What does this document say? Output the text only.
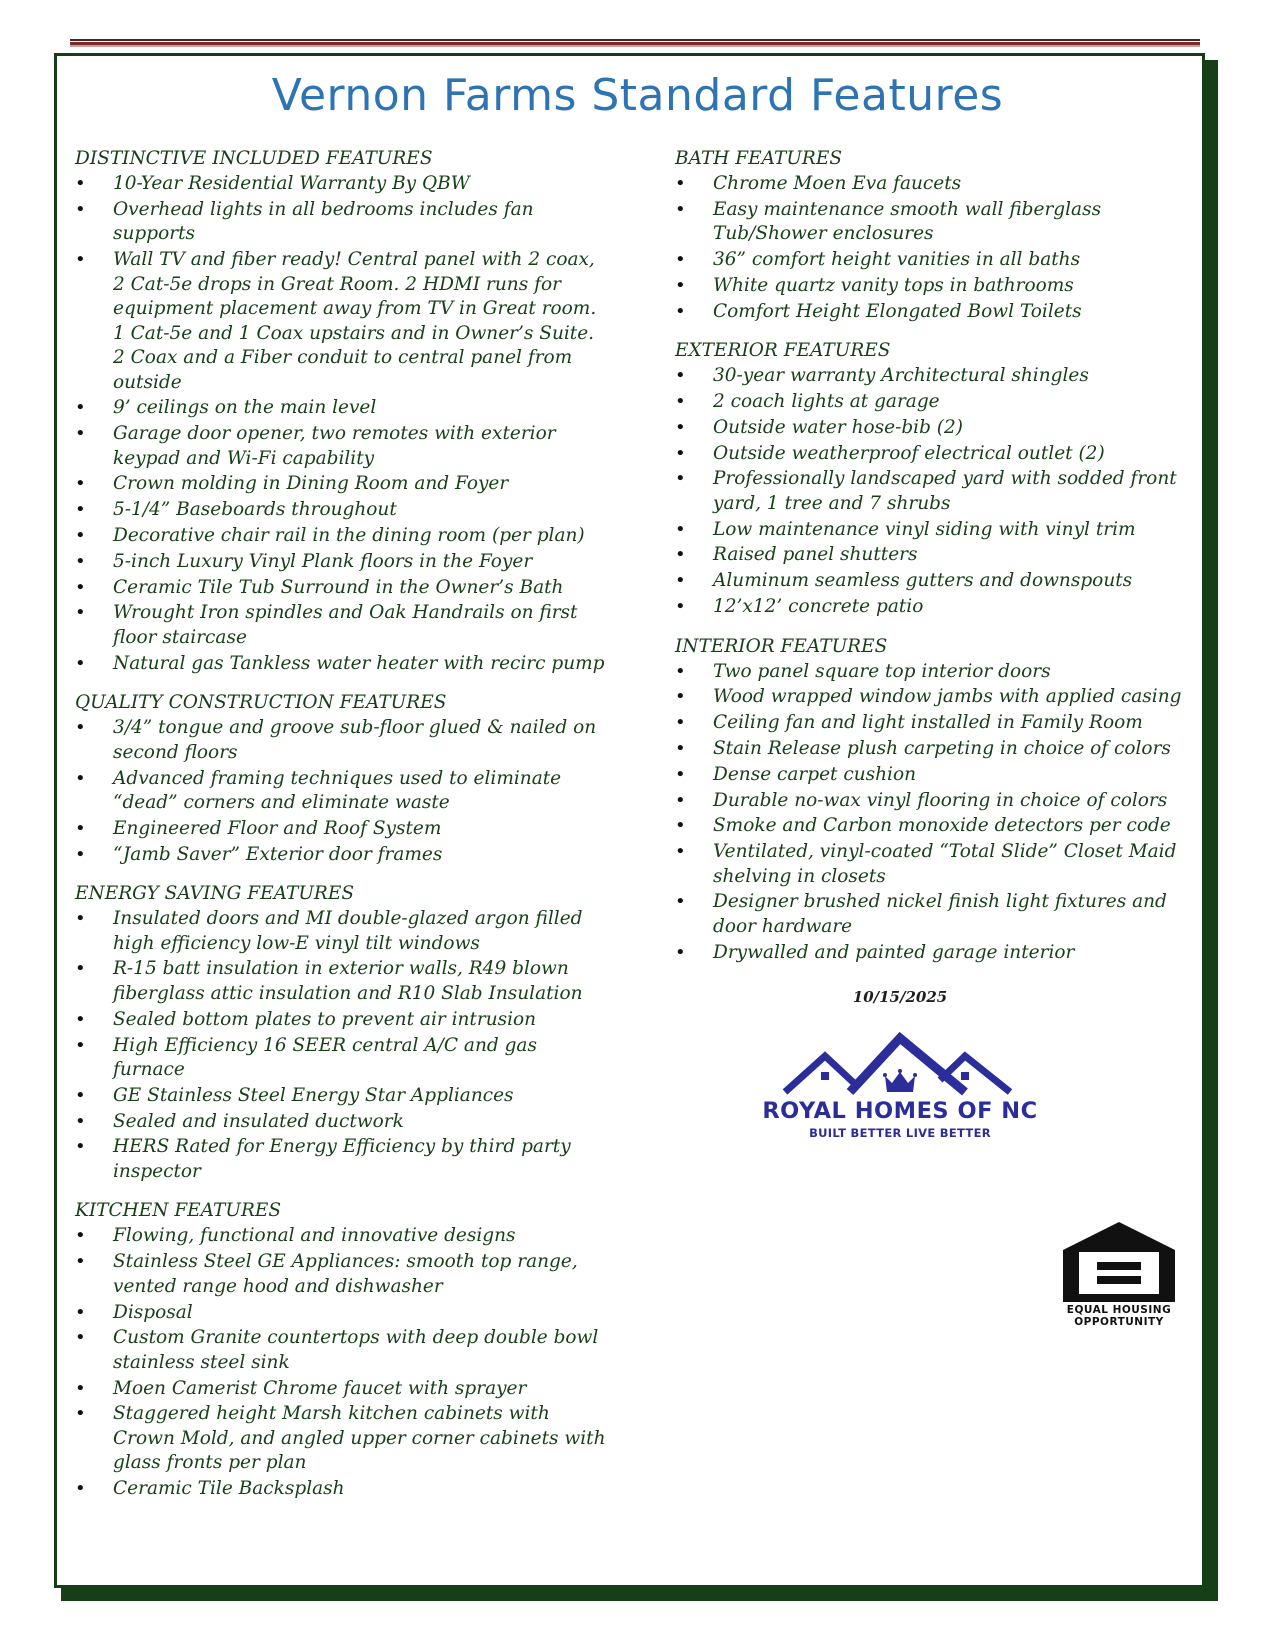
Vernon Farms Standard Features
DISTINCTIVE INCLUDED FEATURES
• 10-Year Residential Warranty By QBW
• Overhead lights in all bedrooms includes fan supports
• Wall TV and fiber ready! Central panel with 2 coax, 2 Cat-5e drops in Great Room. 2 HDMI runs for equipment placement away from TV in Great room. 1 Cat-5e and 1 Coax upstairs and in Owner’s Suite. 2 Coax and a Fiber conduit to central panel from outside
• 9’ ceilings on the main level
• Garage door opener, two remotes with exterior keypad and Wi-Fi capability
• Crown molding in Dining Room and Foyer
• 5-1/4” Baseboards throughout
• Decorative chair rail in the dining room (per plan)
• 5-inch Luxury Vinyl Plank floors in the Foyer
• Ceramic Tile Tub Surround in the Owner’s Bath
• Wrought Iron spindles and Oak Handrails on first floor staircase
• Natural gas Tankless water heater with recirc pump
QUALITY CONSTRUCTION FEATURES
• 3/4” tongue and groove sub-floor glued & nailed on second floors
• Advanced framing techniques used to eliminate “dead” corners and eliminate waste
• Engineered Floor and Roof System
• “Jamb Saver” Exterior door frames
ENERGY SAVING FEATURES
• Insulated doors and MI double-glazed argon filled high efficiency low-E vinyl tilt windows
• R-15 batt insulation in exterior walls, R49 blown fiberglass attic insulation and R10 Slab Insulation
• Sealed bottom plates to prevent air intrusion
• High Efficiency 16 SEER central A/C and gas furnace
• GE Stainless Steel Energy Star Appliances
• Sealed and insulated ductwork
• HERS Rated for Energy Efficiency by third party inspector
KITCHEN FEATURES
• Flowing, functional and innovative designs
• Stainless Steel GE Appliances: smooth top range, vented range hood and dishwasher
• Disposal
• Custom Granite countertops with deep double bowl stainless steel sink
• Moen Camerist Chrome faucet with sprayer
• Staggered height Marsh kitchen cabinets with Crown Mold, and angled upper corner cabinets with glass fronts per plan
• Ceramic Tile Backsplash
BATH FEATURES
• Chrome Moen Eva faucets
• Easy maintenance smooth wall fiberglass Tub/Shower enclosures
• 36” comfort height vanities in all baths
• White quartz vanity tops in bathrooms
• Comfort Height Elongated Bowl Toilets
EXTERIOR FEATURES
• 30-year warranty Architectural shingles
• 2 coach lights at garage
• Outside water hose-bib (2)
• Outside weatherproof electrical outlet (2)
• Professionally landscaped yard with sodded front yard, 1 tree and 7 shrubs
• Low maintenance vinyl siding with vinyl trim
• Raised panel shutters
• Aluminum seamless gutters and downspouts
• 12’x12’ concrete patio
INTERIOR FEATURES
• Two panel square top interior doors
• Wood wrapped window jambs with applied casing
• Ceiling fan and light installed in Family Room
• Stain Release plush carpeting in choice of colors
• Dense carpet cushion
• Durable no-wax vinyl flooring in choice of colors
• Smoke and Carbon monoxide detectors per code
• Ventilated, vinyl-coated “Total Slide” Closet Maid shelving in closets
• Designer brushed nickel finish light fixtures and door hardware
• Drywalled and painted garage interior
10/15/2025
ROYAL HOMES OF NC
BUILT BETTER LIVE BETTER
EQUAL HOUSING
OPPORTUNITY
